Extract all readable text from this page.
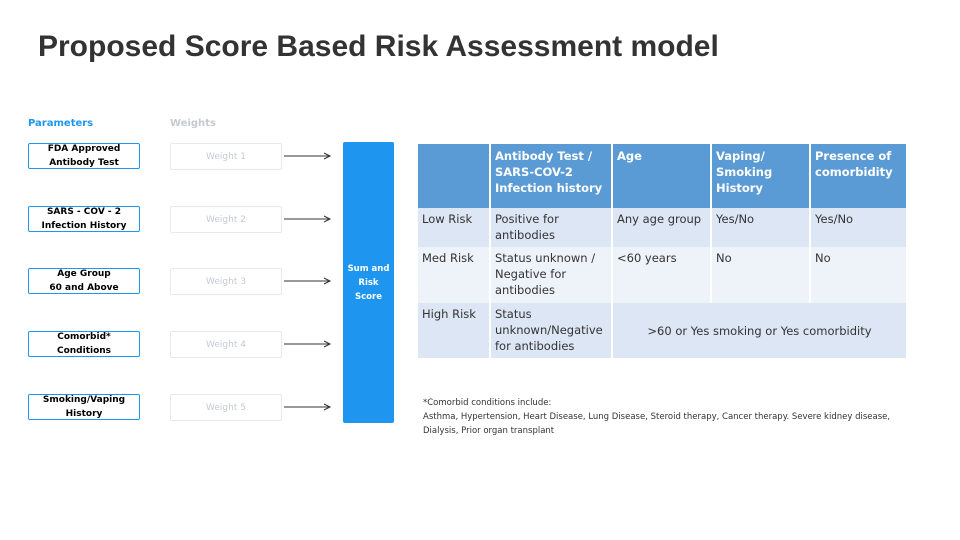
Proposed Score Based Risk Assessment model
Parameters	Weights
FDA Approved
Antibody Test
Weight 1
SARS - COV - 2
Infection History
Weight 2
Age Group
60 and Above
Weight 3
Comorbid*
Conditions
Weight 4
Smoking/Vaping
History
Weight 5
Sum and
Risk
Score
	Antibody Test / SARS-COV-2 Infection history	Age	Vaping/ Smoking History	Presence of comorbidity
Low Risk	Positive for antibodies	Any age group	Yes/No	Yes/No
Med Risk	Status unknown / Negative for antibodies	<60 years	No	No
High Risk	Status unknown/Negative for antibodies	>60 or Yes smoking or Yes comorbidity		
*Comorbid conditions include:
Asthma, Hypertension, Heart Disease, Lung Disease, Steroid therapy, Cancer therapy. Severe kidney disease,
Dialysis, Prior organ transplant
